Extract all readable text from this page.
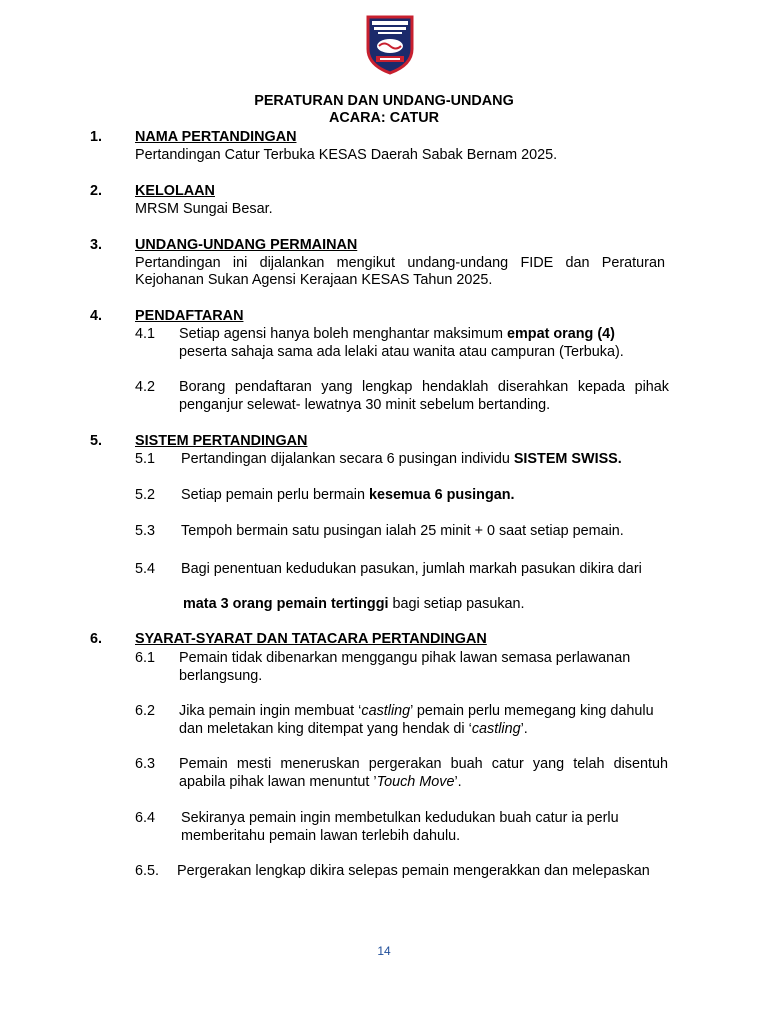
PERATURAN DAN UNDANG-UNDANG
ACARA: CATUR
1. NAMA PERTANDINGAN
Pertandingan Catur Terbuka KESAS Daerah Sabak Bernam 2025.
2. KELOLAAN
MRSM Sungai Besar.
3. UNDANG-UNDANG PERMAINAN
Pertandingan ini dijalankan mengikut undang-undang FIDE dan Peraturan
Kejohanan Sukan Agensi Kerajaan KESAS Tahun 2025.
4. PENDAFTARAN
4.1 Setiap agensi hanya boleh menghantar maksimum empat orang (4)
peserta sahaja sama ada lelaki atau wanita atau campuran (Terbuka).
4.2 Borang pendaftaran yang lengkap hendaklah diserahkan kepada pihak
penganjur selewat- lewatnya 30 minit sebelum bertanding.
5. SISTEM PERTANDINGAN
5.1 Pertandingan dijalankan secara 6 pusingan individu SISTEM SWISS.
5.2 Setiap pemain perlu bermain kesemua 6 pusingan.
5.3 Tempoh bermain satu pusingan ialah 25 minit + 0 saat setiap pemain.
5.4 Bagi penentuan kedudukan pasukan, jumlah markah pasukan dikira dari
mata 3 orang pemain tertinggi bagi setiap pasukan.
6. SYARAT-SYARAT DAN TATACARA PERTANDINGAN
6.1 Pemain tidak dibenarkan menggangu pihak lawan semasa perlawanan
berlangsung.
6.2 Jika pemain ingin membuat ‘castling’ pemain perlu memegang king dahulu
dan meletakan king ditempat yang hendak di ‘castling’.
6.3 Pemain mesti meneruskan pergerakan buah catur yang telah disentuh
apabila pihak lawan menuntut ’Touch Move’.
6.4 Sekiranya pemain ingin membetulkan kedudukan buah catur ia perlu
memberitahu pemain lawan terlebih dahulu.
6.5. Pergerakan lengkap dikira selepas pemain mengerakkan dan melepaskan
14
